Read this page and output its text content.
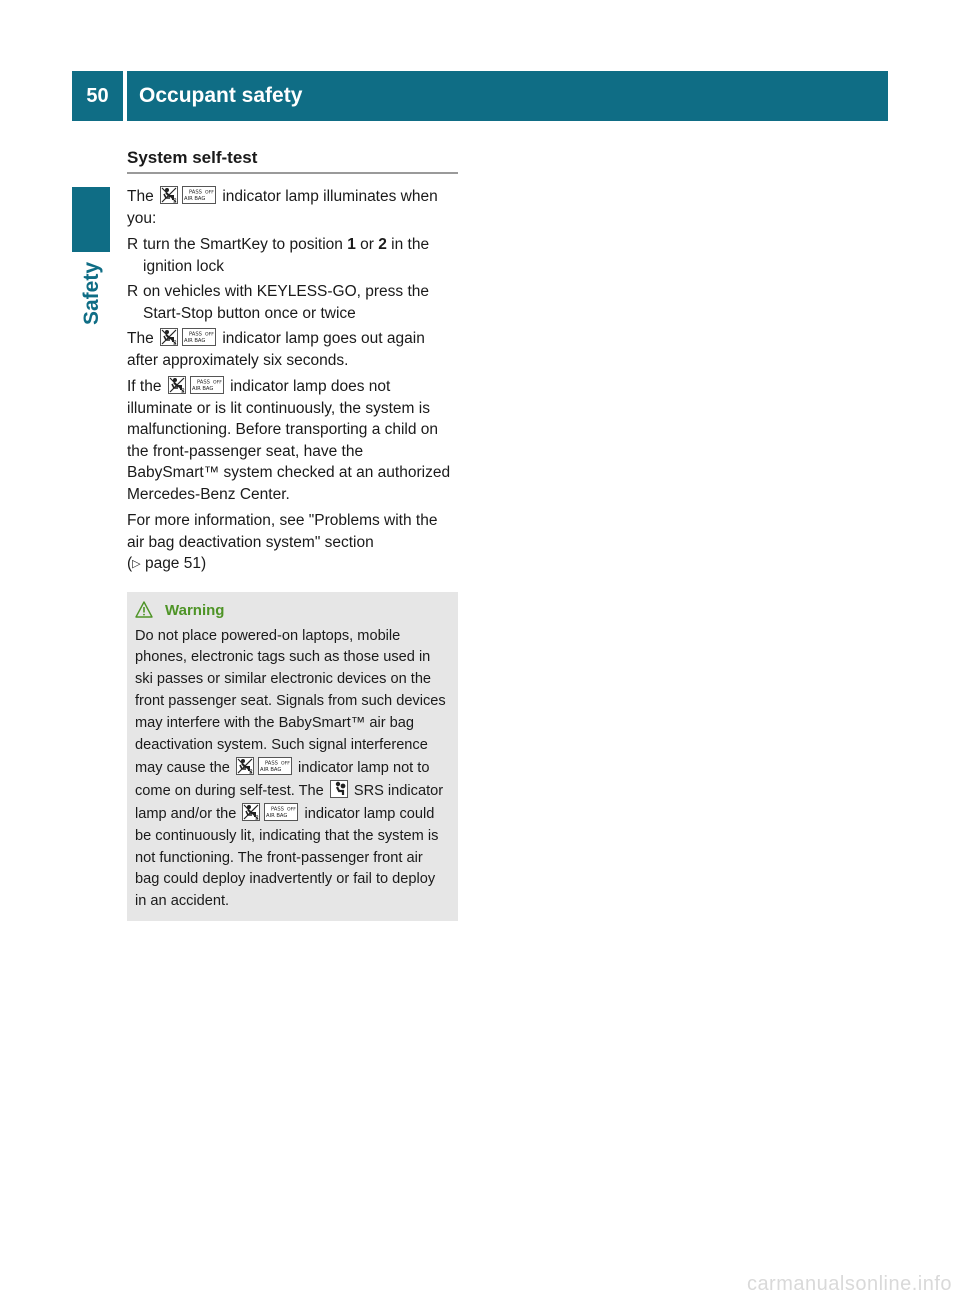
50	Occupant safety
Safety
System self-test

The	PASS
AIR BAG
OFF indicator lamp illuminates when you:

R turn the SmartKey to position 1 or 2 in the ignition lock
R on vehicles with KEYLESS-GO, press the Start-Stop button once or twice

The	PASS
AIR BAG
OFF indicator lamp goes out again after approximately six seconds.

If the	PASS
AIR BAG
OFF indicator lamp does not illuminate or is lit continuously, the system is malfunctioning. Before transporting a child on the front-passenger seat, have the BabySmart™ system checked at an authorized Mercedes-Benz Center.

For more information, see "Problems with the air bag deactivation system" section
(▷ page 51)

Warning

Do not place powered-on laptops, mobile phones, electronic tags such as those used in ski passes or similar electronic devices on the front passenger seat. Signals from such devices may interfere with the BabySmart™ air bag deactivation system. Such signal interference may cause the	PASS
AIR BAG
OFF indicator lamp not to come on during self-test. The SRS indicator lamp and/or the	PASS
AIR BAG
OFF indicator lamp could be continuously lit, indicating that the system is not functioning. The front-passenger front air bag could deploy inadvertently or fail to deploy in an accident.

carmanualsonline.info
